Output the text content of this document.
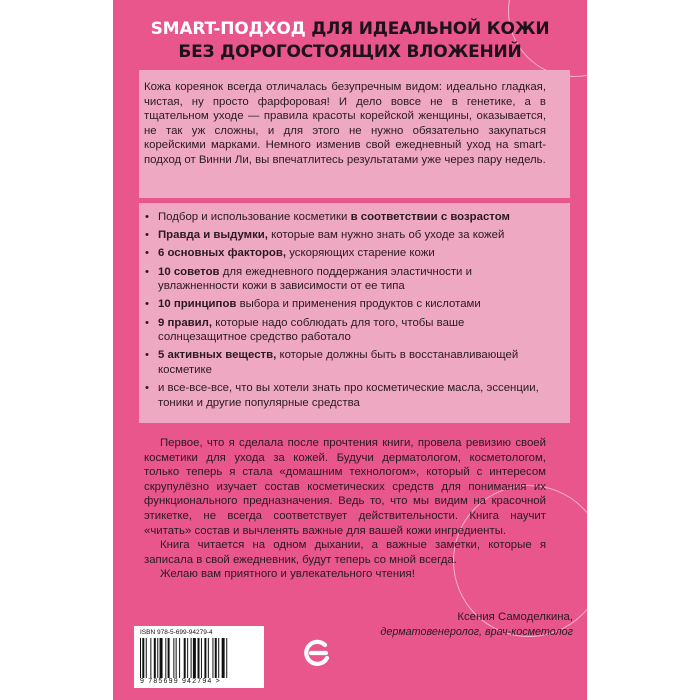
SMART-ПОДХОД ДЛЯ ИДЕАЛЬНОЙ КОЖИ
БЕЗ ДОРОГОСТОЯЩИХ ВЛОЖЕНИЙ

Кожа кореянок всегда отличалась безупречным видом: идеально гладкая, чистая, ну просто фарфоровая! И дело вовсе не в генетике, а в тщательном уходе — правила красоты корейской женщины, оказывается, не так уж сложны, и для этого не нужно обязательно закупаться корейскими марками. Немного изменив свой ежедневный уход на smart-подход от Винни Ли, вы впечатлитесь результатами уже через пару недель.

• Подбор и использование косметики в соответствии с возрастом
• Правда и выдумки, которые вам нужно знать об уходе за кожей
• 6 основных факторов, ускоряющих старение кожи
• 10 советов для ежедневного поддержания эластичности и увлажненности кожи в зависимости от ее типа
• 10 принципов выбора и применения продуктов с кислотами
• 9 правил, которые надо соблюдать для того, чтобы ваше солнцезащитное средство работало
• 5 активных веществ, которые должны быть в восстанавливающей косметике
• и все-все-все, что вы хотели знать про косметические масла, эссенции, тоники и другие популярные средства

Первое, что я сделала после прочтения книги, провела ревизию своей косметики для ухода за кожей. Будучи дерматологом, косметологом, только теперь я стала «домашним технологом», который с интересом скрупулёзно изучает состав косметических средств для понимания их функционального предназначения. Ведь то, что мы видим на красочной этикетке, не всегда соответствует действительности. Книга научит «читать» состав и вычленять важные для вашей кожи ингредиенты.

Книга читается на одном дыхании, а важные заметки, которые я записала в свой ежедневник, будут теперь со мной всегда.

Желаю вам приятного и увлекательного чтения!

Ксения Самоделкина,
дерматовенеролог, врач-косметолог
ISBN 978-5-699-94279-4
9 785699 942794 >
